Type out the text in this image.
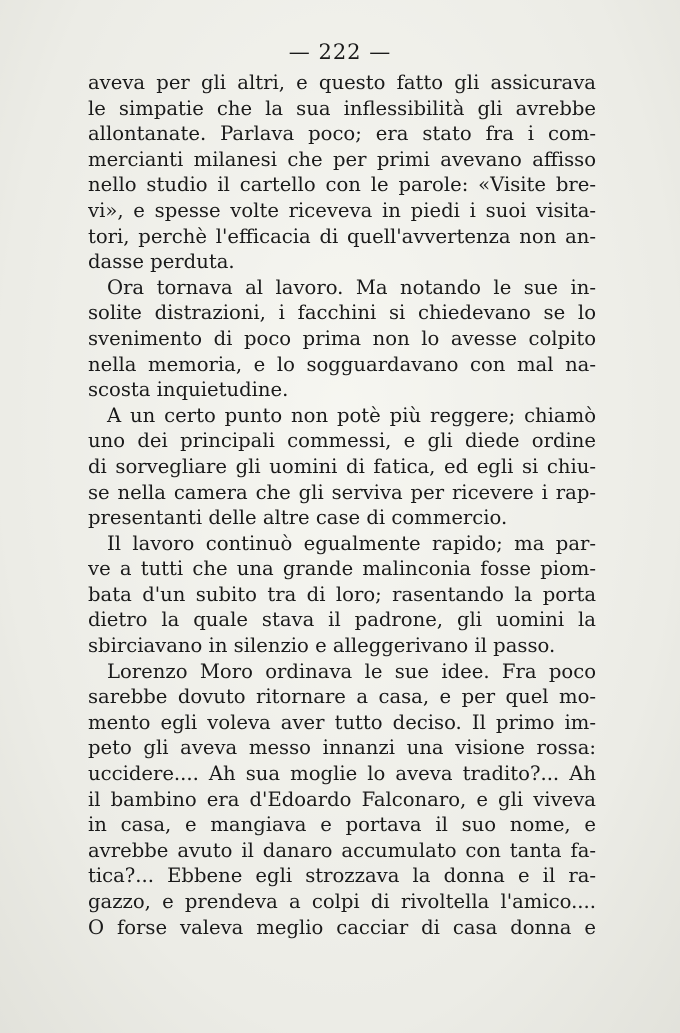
— 222 —
aveva per gli altri, e questo fatto gli assicurava
le simpatie che la sua inflessibilità gli avrebbe
allontanate. Parlava poco; era stato fra i com-
mercianti milanesi che per primi avevano affisso
nello studio il cartello con le parole: «Visite bre-
vi», e spesse volte riceveva in piedi i suoi visita-
tori, perchè l'efficacia di quell'avvertenza non an-
dasse perduta.
Ora tornava al lavoro. Ma notando le sue in-
solite distrazioni, i facchini si chiedevano se lo
svenimento di poco prima non lo avesse colpito
nella memoria, e lo sogguardavano con mal na-
scosta inquietudine.
A un certo punto non potè più reggere; chiamò
uno dei principali commessi, e gli diede ordine
di sorvegliare gli uomini di fatica, ed egli si chiu-
se nella camera che gli serviva per ricevere i rap-
presentanti delle altre case di commercio.
Il lavoro continuò egualmente rapido; ma par-
ve a tutti che una grande malinconia fosse piom-
bata d'un subito tra di loro; rasentando la porta
dietro la quale stava il padrone, gli uomini la
sbirciavano in silenzio e alleggerivano il passo.
Lorenzo Moro ordinava le sue idee. Fra poco
sarebbe dovuto ritornare a casa, e per quel mo-
mento egli voleva aver tutto deciso. Il primo im-
peto gli aveva messo innanzi una visione rossa:
uccidere.... Ah sua moglie lo aveva tradito?... Ah
il bambino era d'Edoardo Falconaro, e gli viveva
in casa, e mangiava e portava il suo nome, e
avrebbe avuto il danaro accumulato con tanta fa-
tica?... Ebbene egli strozzava la donna e il ra-
gazzo, e prendeva a colpi di rivoltella l'amico....
O forse valeva meglio cacciar di casa donna e
